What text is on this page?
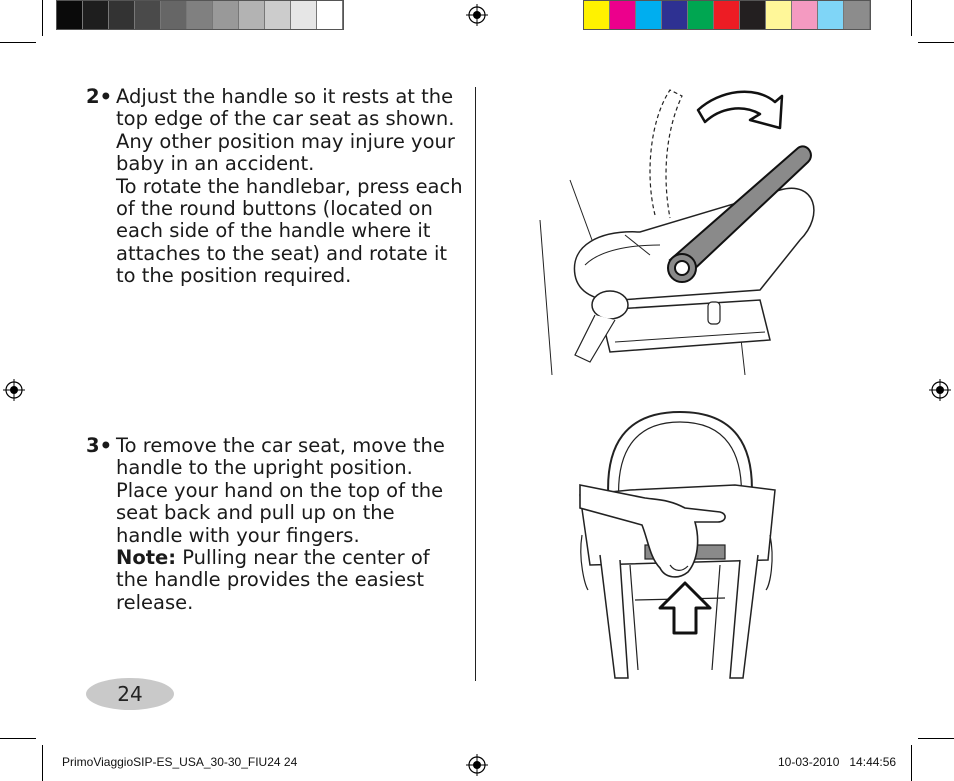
2• Adjust the handle so it rests at the top edge of the car seat as shown. Any other position may injure your baby in an accident.

To rotate the handlebar, press each of the round buttons (located on each side of the handle where it attaches to the seat) and rotate it to the position required.

3• To remove the car seat, move the handle to the upright position. Place your hand on the top of the seat back and pull up on the handle with your fingers.

Note: Pulling near the center of the handle provides the easiest release.

24
PrimoViaggioSIP-ES_USA_30-30_FIU24 24	10-03-2010   14:44:56
